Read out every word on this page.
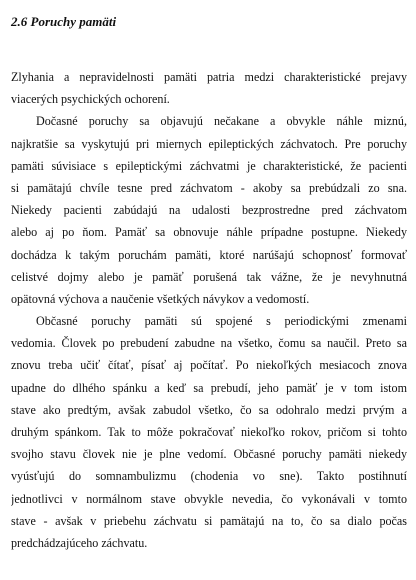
2.6 Poruchy pamäti
Zlyhania a nepravidelnosti pamäti patria medzi charakteristické prejavy
viacerých psychických ochorení.
Dočasné poruchy sa objavujú nečakane a obvykle náhle miznú,
najkratšie sa vyskytujú pri miernych epileptických záchvatoch. Pre poruchy
pamäti súvisiace s epileptickými záchvatmi je charakteristické, že pacienti
si pamätajú chvíle tesne pred záchvatom - akoby sa prebúdzali zo sna.
Niekedy pacienti zabúdajú na udalosti bezprostredne pred záchvatom
alebo aj po ňom. Pamäť sa obnovuje náhle prípadne postupne. Niekedy
dochádza k takým poruchám pamäti, ktoré narúšajú schopnosť formovať
celistvé dojmy alebo je pamäť porušená tak vážne, že je nevyhnutná
opätovná výchova a naučenie všetkých návykov a vedomostí.
Občasné poruchy pamäti sú spojené s periodickými zmenami
vedomia. Človek po prebudení zabudne na všetko, čomu sa naučil. Preto sa
znovu treba učiť čítať, písať aj počítať. Po niekoľkých mesiacoch znova
upadne do dlhého spánku a keď sa prebudí, jeho pamäť je v tom istom
stave ako predtým, avšak zabudol všetko, čo sa odohralo medzi prvým a
druhým spánkom. Tak to môže pokračovať niekoľko rokov, pričom si tohto
svojho stavu človek nie je plne vedomí. Občasné poruchy pamäti niekedy
vyúsťujú do somnambulizmu (chodenia vo sne). Takto postihnutí
jednotlivci v normálnom stave obvykle nevedia, čo vykonávali v tomto
stave - avšak v priebehu záchvatu si pamätajú na to, čo sa dialo počas
predchádzajúceho záchvatu.
